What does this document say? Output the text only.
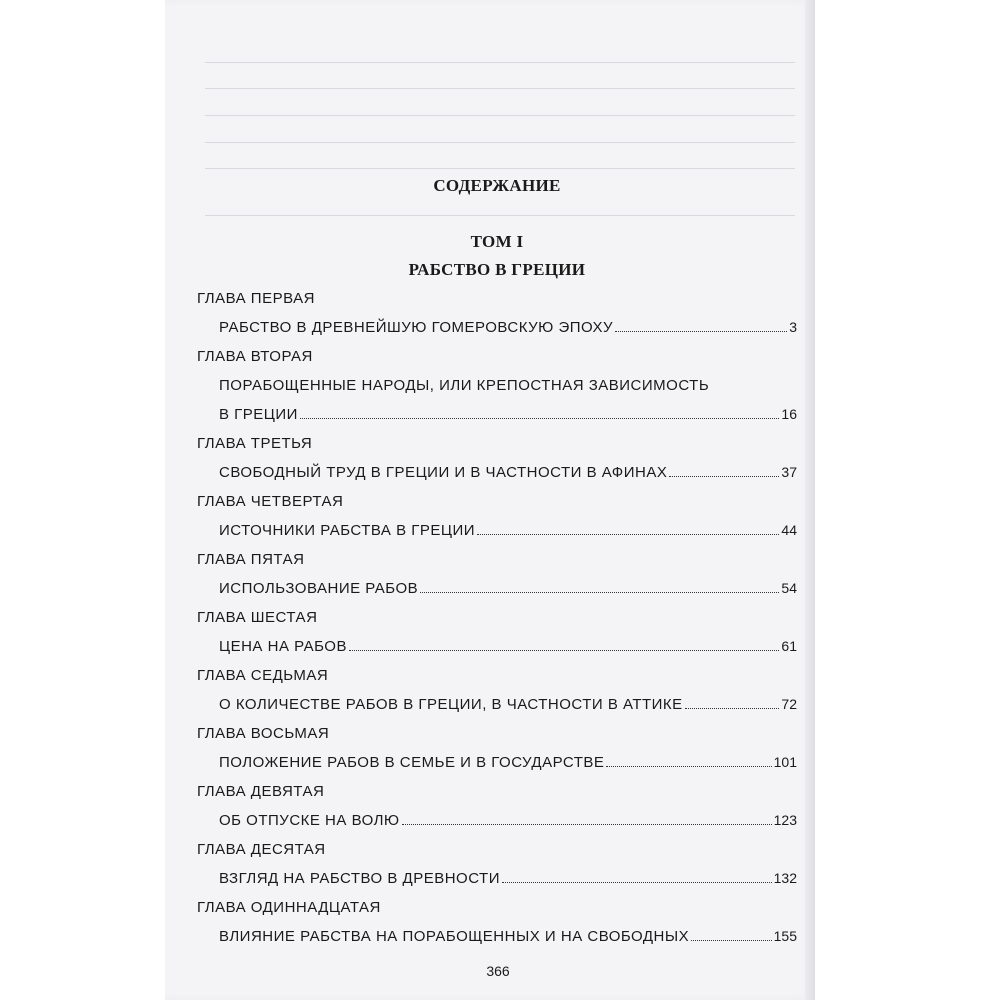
СОДЕРЖАНИЕ
ТОМ I
РАБСТВО В ГРЕЦИИ
ГЛАВА ПЕРВАЯ
РАБСТВО В ДРЕВНЕЙШУЮ ГОМЕРОВСКУЮ ЭПОХУ	3
ГЛАВА ВТОРАЯ
ПОРАБОЩЕННЫЕ НАРОДЫ, ИЛИ КРЕПОСТНАЯ ЗАВИСИМОСТЬ
В ГРЕЦИИ	16
ГЛАВА ТРЕТЬЯ
СВОБОДНЫЙ ТРУД В ГРЕЦИИ И В ЧАСТНОСТИ В АФИНАХ	37
ГЛАВА ЧЕТВЕРТАЯ
ИСТОЧНИКИ РАБСТВА В ГРЕЦИИ	44
ГЛАВА ПЯТАЯ
ИСПОЛЬЗОВАНИЕ РАБОВ	54
ГЛАВА ШЕСТАЯ
ЦЕНА НА РАБОВ	61
ГЛАВА СЕДЬМАЯ
О КОЛИЧЕСТВЕ РАБОВ В ГРЕЦИИ, В ЧАСТНОСТИ В АТТИКЕ	72
ГЛАВА ВОСЬМАЯ
ПОЛОЖЕНИЕ РАБОВ В СЕМЬЕ И В ГОСУДАРСТВЕ	101
ГЛАВА ДЕВЯТАЯ
ОБ ОТПУСКЕ НА ВОЛЮ	123
ГЛАВА ДЕСЯТАЯ
ВЗГЛЯД НА РАБСТВО В ДРЕВНОСТИ	132
ГЛАВА ОДИННАДЦАТАЯ
ВЛИЯНИЕ РАБСТВА НА ПОРАБОЩЕННЫХ И НА СВОБОДНЫХ	155
366
